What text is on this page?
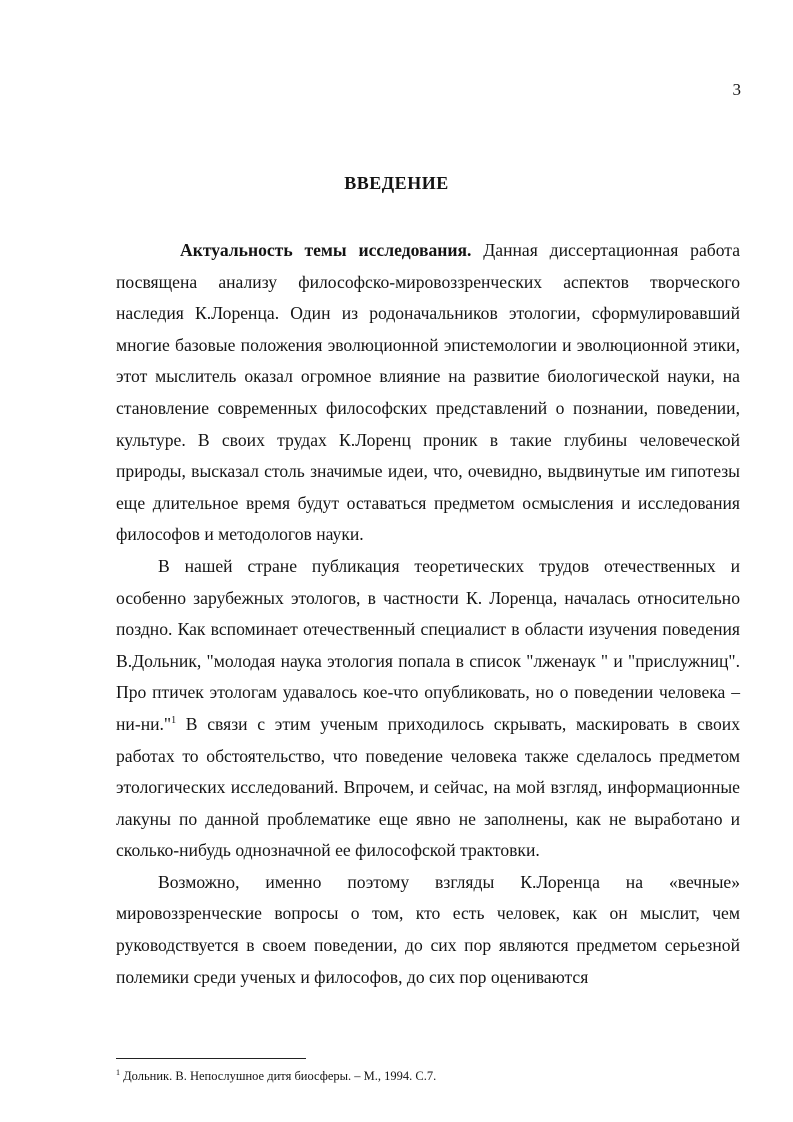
3
ВВЕДЕНИЕ

Актуальность темы исследования. Данная диссертационная работа посвящена анализу философско-мировоззренческих аспектов творческого наследия К.Лоренца. Один из родоначальников этологии, сформулировавший многие базовые положения эволюционной эпистемологии и эволюционной этики, этот мыслитель оказал огромное влияние на развитие биологической науки, на становление современных философских представлений о познании, поведении, культуре. В своих трудах К.Лоренц проник в такие глубины человеческой природы, высказал столь значимые идеи, что, очевидно, выдвинутые им гипотезы еще длительное время будут оставаться предметом осмысления и исследования философов и методологов науки.

В нашей стране публикация теоретических трудов отечественных и особенно зарубежных этологов, в частности К. Лоренца, началась относительно поздно. Как вспоминает отечественный специалист в области изучения поведения В.Дольник, "молодая наука этология попала в список "лженаук " и "прислужниц". Про птичек этологам удавалось кое-что опубликовать, но о поведении человека – ни-ни."$^1$ В связи с этим ученым приходилось скрывать, маскировать в своих работах то обстоятельство, что поведение человека также сделалось предметом этологических исследований. Впрочем, и сейчас, на мой взгляд, информационные лакуны по данной проблематике еще явно не заполнены, как не выработано и сколько-нибудь однозначной ее философской трактовки.

Возможно, именно поэтому взгляды К.Лоренца на «вечные» мировоззренческие вопросы о том, кто есть человек, как он мыслит, чем руководствуется в своем поведении, до сих пор являются предметом серьезной полемики среди ученых и философов, до сих пор оцениваются

$^1$ Дольник. В. Непослушное дитя биосферы. – М., 1994. С.7.
